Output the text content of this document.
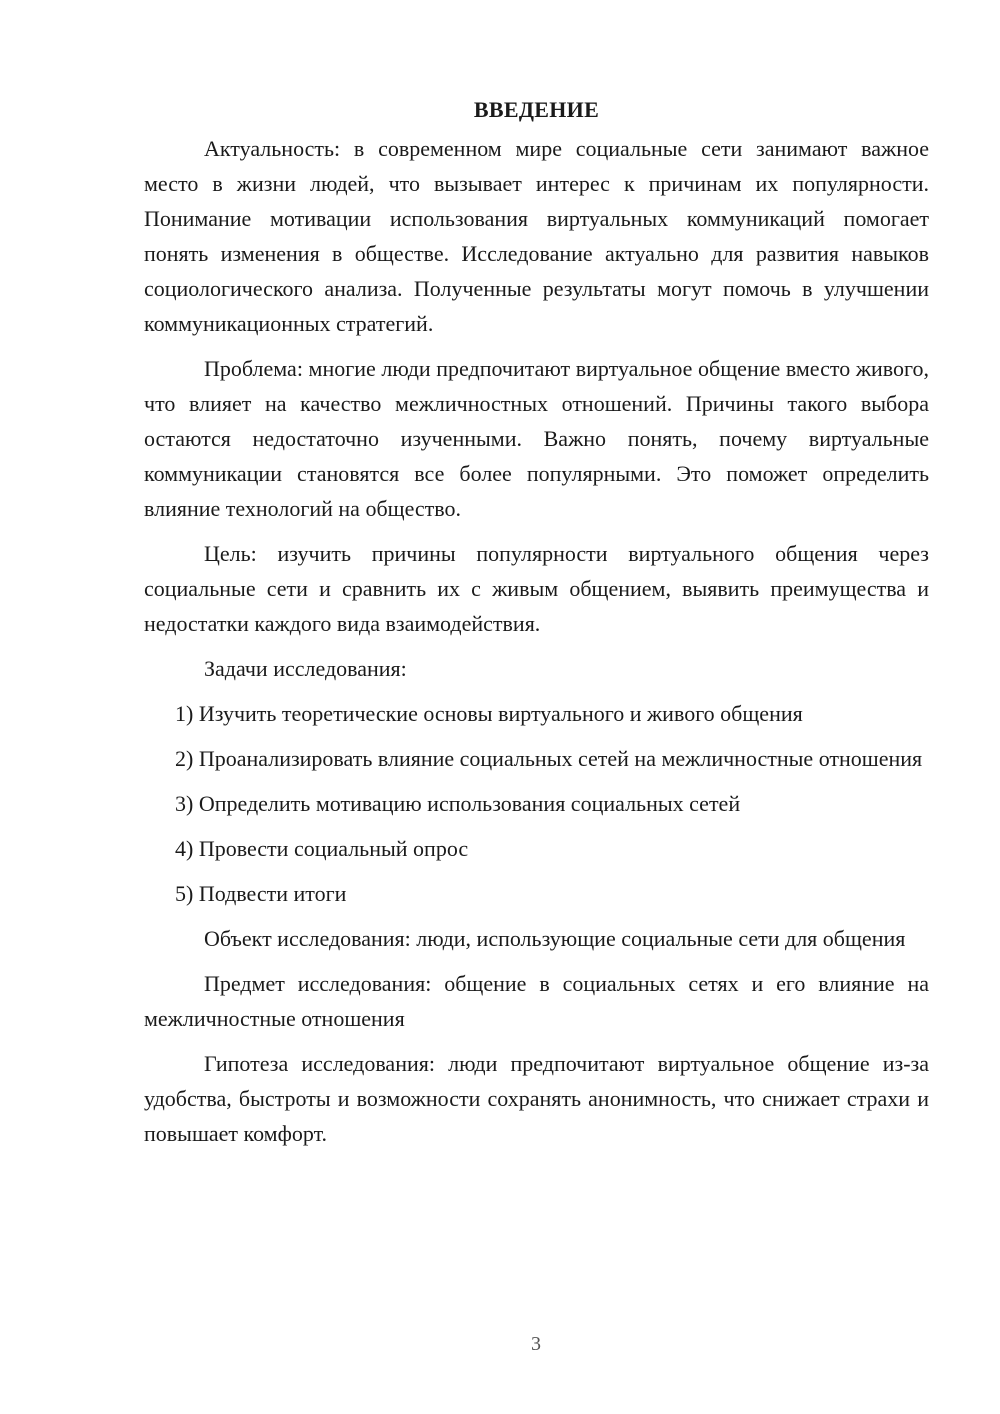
ВВЕДЕНИЕ
Актуальность: в современном мире социальные сети занимают важное место в жизни людей, что вызывает интерес к причинам их популярности. Понимание мотивации использования виртуальных коммуникаций помогает понять изменения в обществе. Исследование актуально для развития навыков социологического анализа. Полученные результаты могут помочь в улучшении коммуникационных стратегий.
Проблема: многие люди предпочитают виртуальное общение вместо живого, что влияет на качество межличностных отношений. Причины такого выбора остаются недостаточно изученными. Важно понять, почему виртуальные коммуникации становятся все более популярными. Это поможет определить влияние технологий на общество.
Цель: изучить причины популярности виртуального общения через социальные сети и сравнить их с живым общением, выявить преимущества и недостатки каждого вида взаимодействия.
Задачи исследования:
1) Изучить теоретические основы виртуального и живого общения
2) Проанализировать влияние социальных сетей на межличностные отношения
3) Определить мотивацию использования социальных сетей
4) Провести социальный опрос
5) Подвести итоги
Объект исследования: люди, использующие социальные сети для общения
Предмет исследования: общение в социальных сетях и его влияние на межличностные отношения
Гипотеза исследования: люди предпочитают виртуальное общение из-за удобства, быстроты и возможности сохранять анонимность, что снижает страхи и повышает комфорт.
3
